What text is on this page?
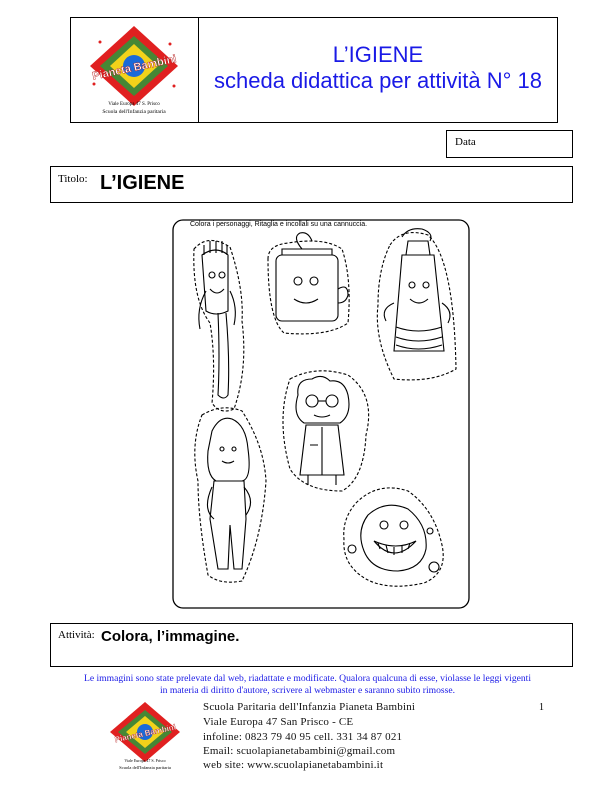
Pianeta Bambini
Viale Europa 47 S. Prisco
Scuola dell'Infanzia paritaria
L’IGIENE
scheda didattica per attività N° 18
Data
Titolo: L’IGIENE
Colora i personaggi, Ritaglia e incollali su una cannuccia.
Attività: Colora, l’immagine.
Le immagini sono state prelevate dal web, riadattate e modificate. Qualora qualcuna di esse, violasse le leggi vigenti
in materia di diritto d'autore, scrivere al webmaster e saranno subito rimosse.
Pianeta Bambini
Viale Europa 47 S. Prisco
Scuola dell'Infanzia paritaria
1
Scuola Paritaria dell'Infanzia Pianeta Bambini
Viale Europa 47 San Prisco - CE
infoline: 0823 79 40 95 cell. 331 34 87 021
Email: scuolapianetabambini@gmail.com
web site: www.scuolapianetabambini.it
